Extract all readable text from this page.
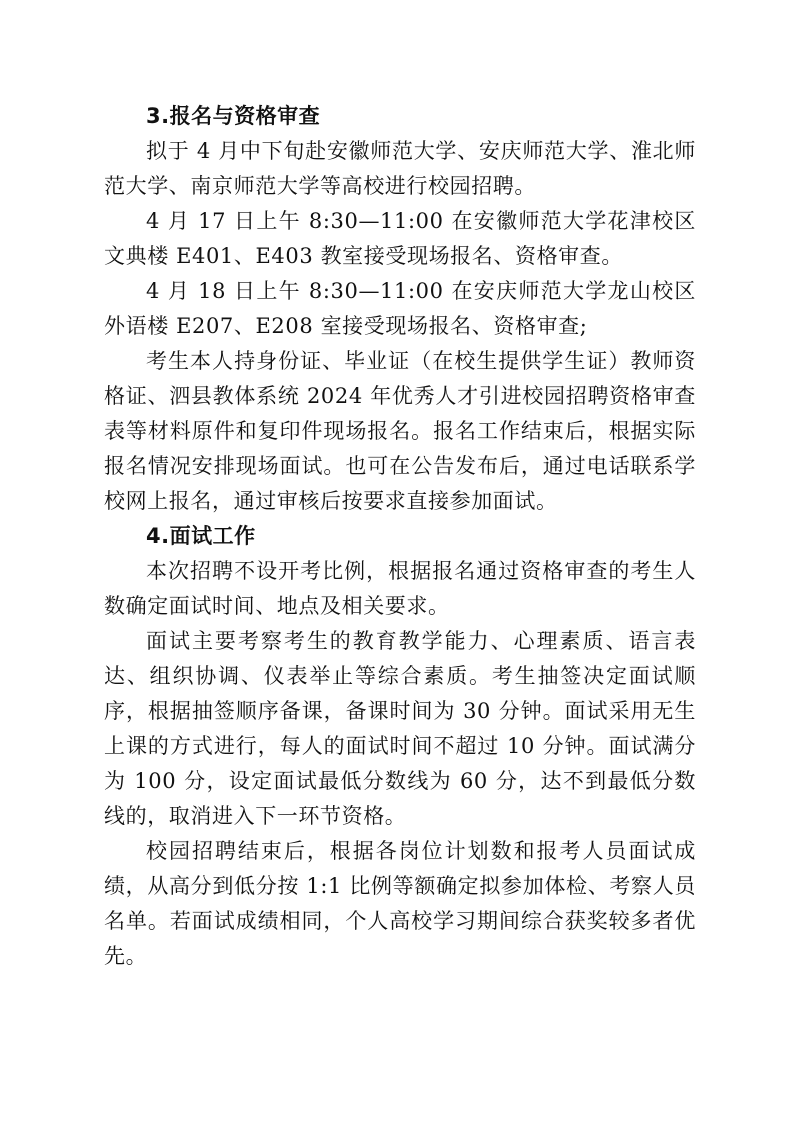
3.报名与资格审查

拟于 4 月中下旬赴安徽师范大学、安庆师范大学、淮北师范大学、南京师范大学等高校进行校园招聘。

4 月 17 日上午 8:30—11:00 在安徽师范大学花津校区文典楼 E401、E403 教室接受现场报名、资格审查。

4 月 18 日上午 8:30—11:00 在安庆师范大学龙山校区外语楼 E207、E208 室接受现场报名、资格审查;

考生本人持身份证、毕业证（在校生提供学生证）教师资格证、泗县教体系统 2024 年优秀人才引进校园招聘资格审查表等材料原件和复印件现场报名。报名工作结束后，根据实际报名情况安排现场面试。也可在公告发布后，通过电话联系学校网上报名，通过审核后按要求直接参加面试。

4.面试工作

本次招聘不设开考比例，根据报名通过资格审查的考生人数确定面试时间、地点及相关要求。

面试主要考察考生的教育教学能力、心理素质、语言表达、组织协调、仪表举止等综合素质。考生抽签决定面试顺序，根据抽签顺序备课，备课时间为 30 分钟。面试采用无生上课的方式进行，每人的面试时间不超过 10 分钟。面试满分为 100 分，设定面试最低分数线为 60 分，达不到最低分数线的，取消进入下一环节资格。

校园招聘结束后，根据各岗位计划数和报考人员面试成绩，从高分到低分按 1:1 比例等额确定拟参加体检、考察人员名单。若面试成绩相同，个人高校学习期间综合获奖较多者优先。
